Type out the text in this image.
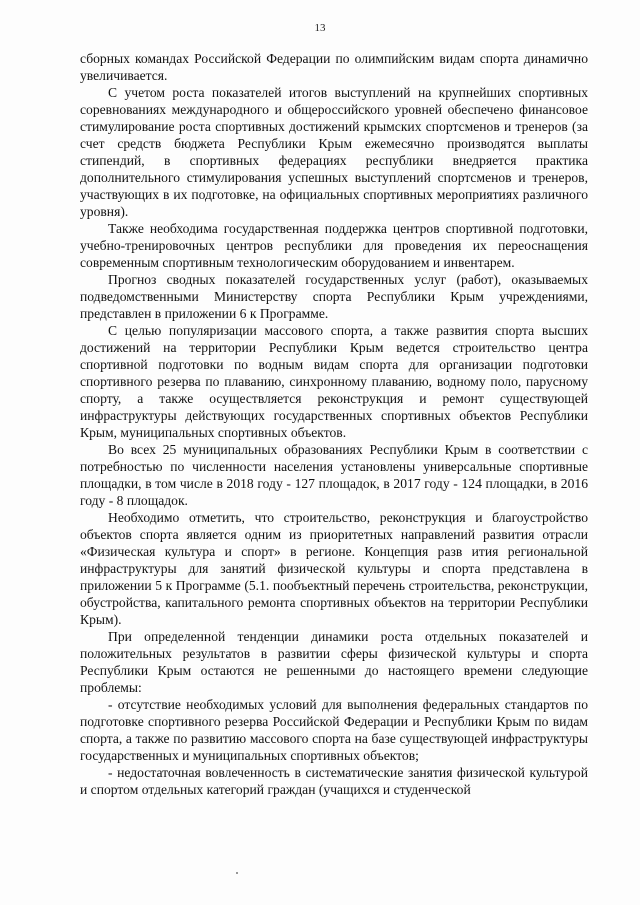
13

сборных командах Российской Федерации по олимпийским видам спорта динамично увеличивается.

С учетом роста показателей итогов выступлений на крупнейших спортивных соревнованиях международного и общероссийского уровней обеспечено финансовое стимулирование роста спортивных достижений крымских спортсменов и тренеров (за счет средств бюджета Республики Крым ежемесячно производятся выплаты стипендий, в спортивных федерациях республики внедряется практика дополнительного стимулирования успешных выступлений спортсменов и тренеров, участвующих в их подготовке, на официальных спортивных мероприятиях различного уровня).

Также необходима государственная поддержка центров спортивной подготовки, учебно-тренировочных центров республики для проведения их переоснащения современным спортивным технологическим оборудованием и инвентарем.

Прогноз сводных показателей государственных услуг (работ), оказываемых подведомственными Министерству спорта Республики Крым учреждениями, представлен в приложении 6 к Программе.

С целью популяризации массового спорта, а также развития спорта высших достижений на территории Республики Крым ведется строительство центра спортивной подготовки по водным видам спорта для организации подготовки спортивного резерва по плаванию, синхронному плаванию, водному поло, парусному спорту, а также осуществляется реконструкция и ремонт существующей инфраструктуры действующих государственных спортивных объектов Республики Крым, муниципальных спортивных объектов.

Во всех 25 муниципальных образованиях Республики Крым в соответствии с потребностью по численности населения установлены универсальные спортивные площадки, в том числе в 2018 году - 127 площадок, в 2017 году - 124 площадки, в 2016 году - 8 площадок.

Необходимо отметить, что строительство, реконструкция и благоустройство объектов спорта является одним из приоритетных направлений развития отрасли «Физическая культура и спорт» в регионе. Концепция разв ития региональной инфраструктуры для занятий физической культуры и спорта представлена в приложении 5 к Программе (5.1. пообъектный перечень строительства, реконструкции, обустройства, капитального ремонта спортивных объектов на территории Республики Крым).

При определенной тенденции динамики роста отдельных показателей и положительных результатов в развитии сферы физической культуры и спорта Республики Крым остаются не решенными до настоящего времени следующие проблемы:

- отсутствие необходимых условий для выполнения федеральных стандартов по подготовке спортивного резерва Российской Федерации и Республики Крым по видам спорта, а также по развитию массового спорта на базе существующей инфраструктуры государственных и муниципальных спортивных объектов;

- недостаточная вовлеченность в систематические занятия физической культурой и спортом отдельных категорий граждан (учащихся и студенческой
